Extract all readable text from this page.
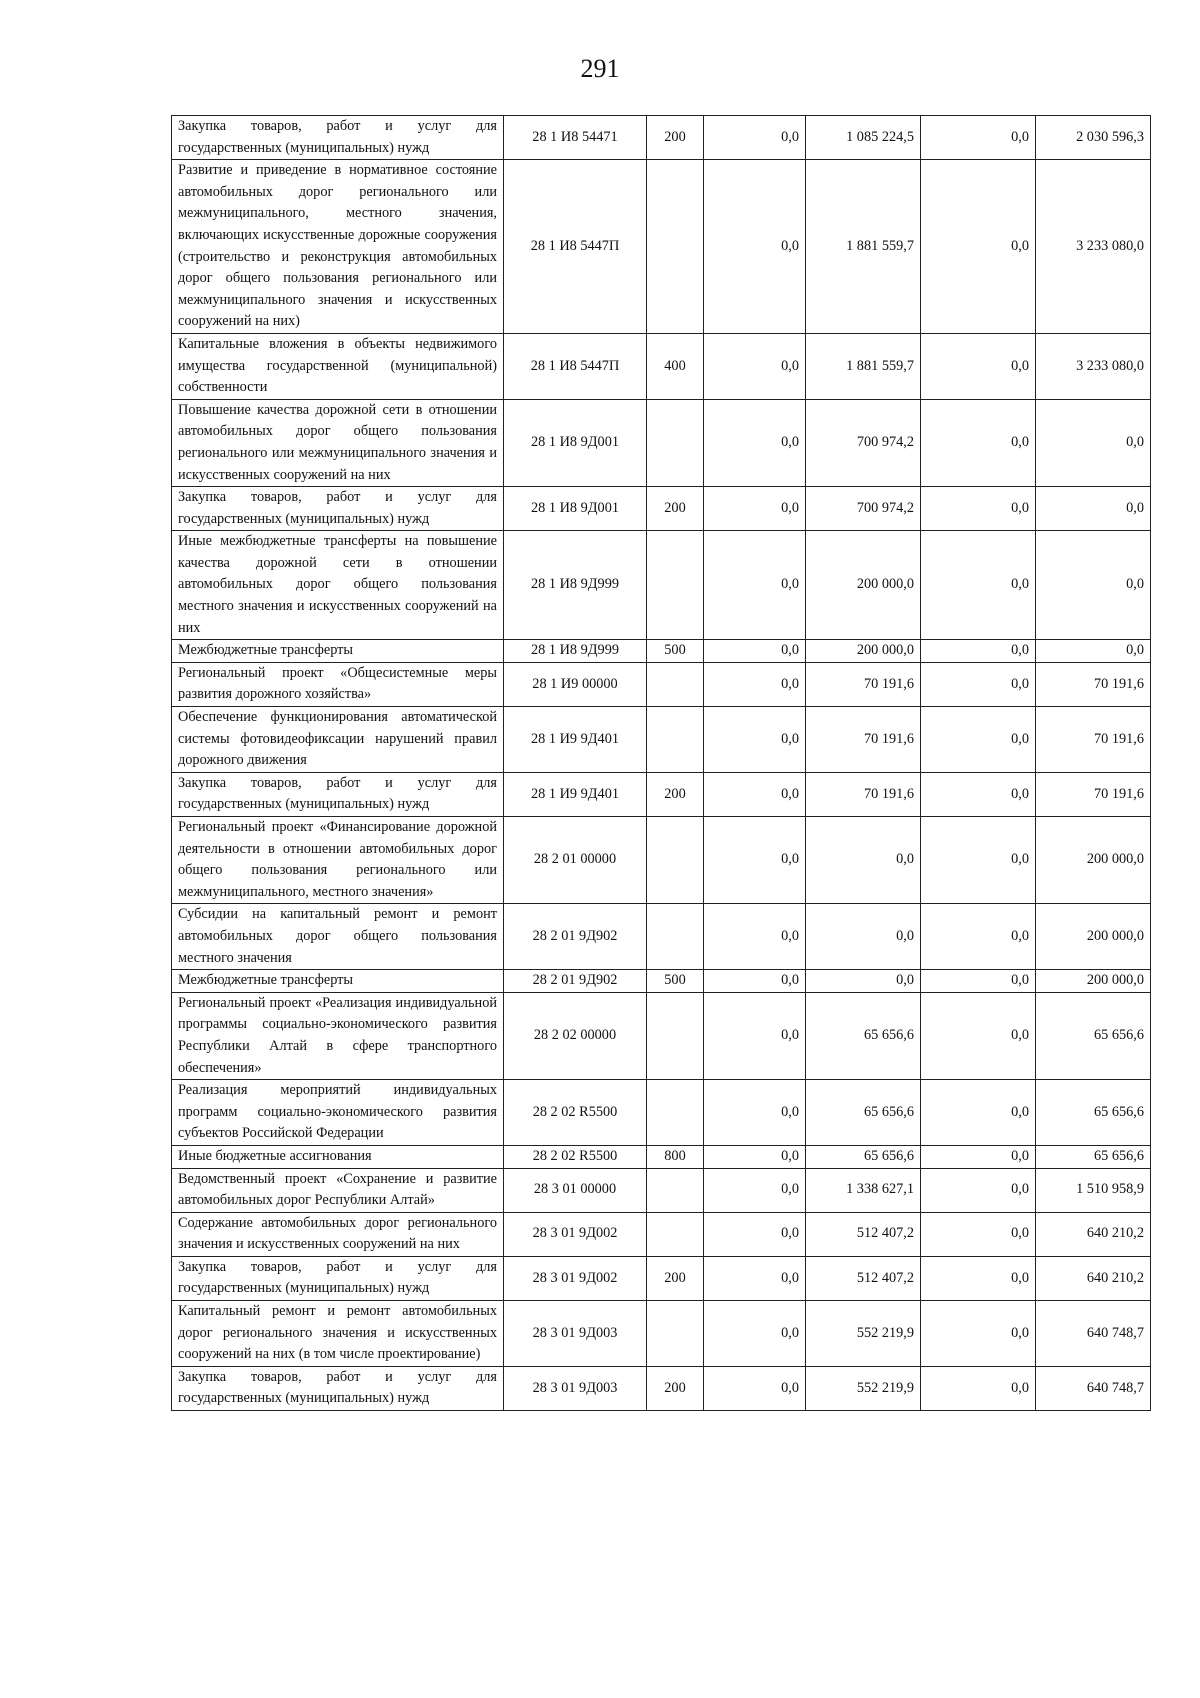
291
Закупка товаров, работ и услуг для государственных (муниципальных) нужд	28 1 И8 54471	200	0,0	1 085 224,5	0,0	2 030 596,3
Развитие и приведение в нормативное состояние автомобильных дорог регионального или межмуниципального, местного значения, включающих искусственные дорожные сооружения (строительство и реконструкция автомобильных дорог общего пользования регионального или межмуниципального значения и искусственных сооружений на них)	28 1 И8 5447П		0,0	1 881 559,7	0,0	3 233 080,0
Капитальные вложения в объекты недвижимого имущества государственной (муниципальной) собственности	28 1 И8 5447П	400	0,0	1 881 559,7	0,0	3 233 080,0
Повышение качества дорожной сети в отношении автомобильных дорог общего пользования регионального или межмуниципального значения и искусственных сооружений на них	28 1 И8 9Д001		0,0	700 974,2	0,0	0,0
Закупка товаров, работ и услуг для государственных (муниципальных) нужд	28 1 И8 9Д001	200	0,0	700 974,2	0,0	0,0
Иные межбюджетные трансферты на повышение качества дорожной сети в отношении автомобильных дорог общего пользования местного значения и искусственных сооружений на них	28 1 И8 9Д999		0,0	200 000,0	0,0	0,0
Межбюджетные трансферты	28 1 И8 9Д999	500	0,0	200 000,0	0,0	0,0
Региональный проект «Общесистемные меры развития дорожного хозяйства»	28 1 И9 00000		0,0	70 191,6	0,0	70 191,6
Обеспечение функционирования автоматической системы фотовидеофиксации нарушений правил дорожного движения	28 1 И9 9Д401		0,0	70 191,6	0,0	70 191,6
Закупка товаров, работ и услуг для государственных (муниципальных) нужд	28 1 И9 9Д401	200	0,0	70 191,6	0,0	70 191,6
Региональный проект «Финансирование дорожной деятельности в отношении автомобильных дорог общего пользования регионального или межмуниципального, местного значения»	28 2 01 00000		0,0	0,0	0,0	200 000,0
Субсидии на капитальный ремонт и ремонт автомобильных дорог общего пользования местного значения	28 2 01 9Д902		0,0	0,0	0,0	200 000,0
Межбюджетные трансферты	28 2 01 9Д902	500	0,0	0,0	0,0	200 000,0
Региональный проект «Реализация индивидуальной программы социально-экономического развития Республики Алтай в сфере транспортного обеспечения»	28 2 02 00000		0,0	65 656,6	0,0	65 656,6
Реализация мероприятий индивидуальных программ социально-экономического развития субъектов Российской Федерации	28 2 02 R5500		0,0	65 656,6	0,0	65 656,6
Иные бюджетные ассигнования	28 2 02 R5500	800	0,0	65 656,6	0,0	65 656,6
Ведомственный проект «Сохранение и развитие автомобильных дорог Республики Алтай»	28 3 01 00000		0,0	1 338 627,1	0,0	1 510 958,9
Содержание автомобильных дорог регионального значения и искусственных сооружений на них	28 3 01 9Д002		0,0	512 407,2	0,0	640 210,2
Закупка товаров, работ и услуг для государственных (муниципальных) нужд	28 3 01 9Д002	200	0,0	512 407,2	0,0	640 210,2
Капитальный ремонт и ремонт автомобильных дорог регионального значения и искусственных сооружений на них (в том числе проектирование)	28 3 01 9Д003		0,0	552 219,9	0,0	640 748,7
Закупка товаров, работ и услуг для государственных (муниципальных) нужд	28 3 01 9Д003	200	0,0	552 219,9	0,0	640 748,7
